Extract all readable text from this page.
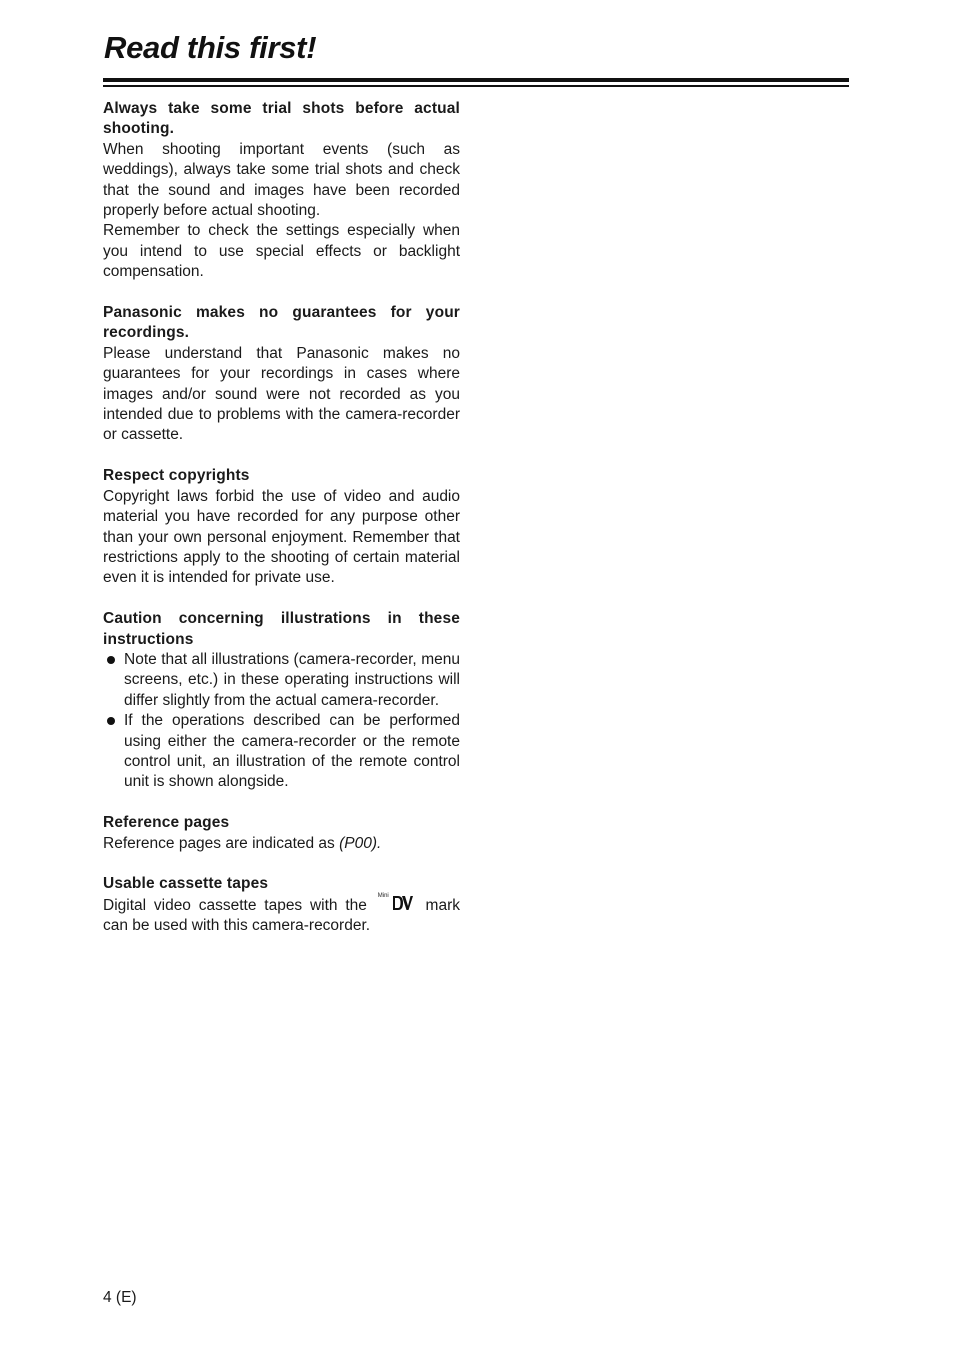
Read this first!

Always take some trial shots before actual shooting.

When shooting important events (such as weddings), always take some trial shots and check that the sound and images have been recorded properly before actual shooting.

Remember to check the settings especially when you intend to use special effects or backlight compensation.

Panasonic makes no guarantees for your recordings.

Please understand that Panasonic makes no guarantees for your recordings in cases where images and/or sound were not recorded as you intended due to problems with the camera-recorder or cassette.

Respect copyrights

Copyright laws forbid the use of video and audio material you have recorded for any purpose other than your own personal enjoyment. Remember that restrictions apply to the shooting of certain material even it is intended for private use.

Caution concerning illustrations in these instructions

Note that all illustrations (camera-recorder, menu screens, etc.) in these operating instructions will differ slightly from the actual camera-recorder.
If the operations described can be performed using either the camera-recorder or the remote control unit, an illustration of the remote control unit is shown alongside.

Reference pages

Reference pages are indicated as (P00).

Usable cassette tapes

Digital video cassette tapes with the
Mini
mark can be used with this camera-recorder.

4 (E)
